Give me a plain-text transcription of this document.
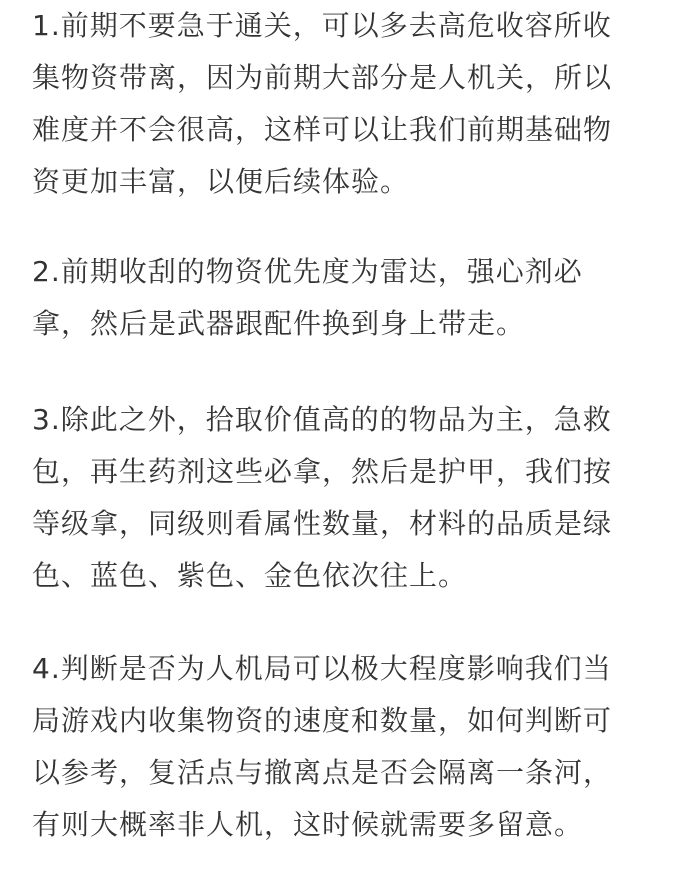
1.前期不要急于通关，可以多去高危收容所收
集物资带离，因为前期大部分是人机关，所以
难度并不会很高，这样可以让我们前期基础物
资更加丰富，以便后续体验。

2.前期收刮的物资优先度为雷达，强心剂必
拿，然后是武器跟配件换到身上带走。

3.除此之外，拾取价值高的的物品为主，急救
包，再生药剂这些必拿，然后是护甲，我们按
等级拿，同级则看属性数量，材料的品质是绿
色、蓝色、紫色、金色依次往上。

4.判断是否为人机局可以极大程度影响我们当
局游戏内收集物资的速度和数量，如何判断可
以参考，复活点与撤离点是否会隔离一条河，
有则大概率非人机，这时候就需要多留意。
